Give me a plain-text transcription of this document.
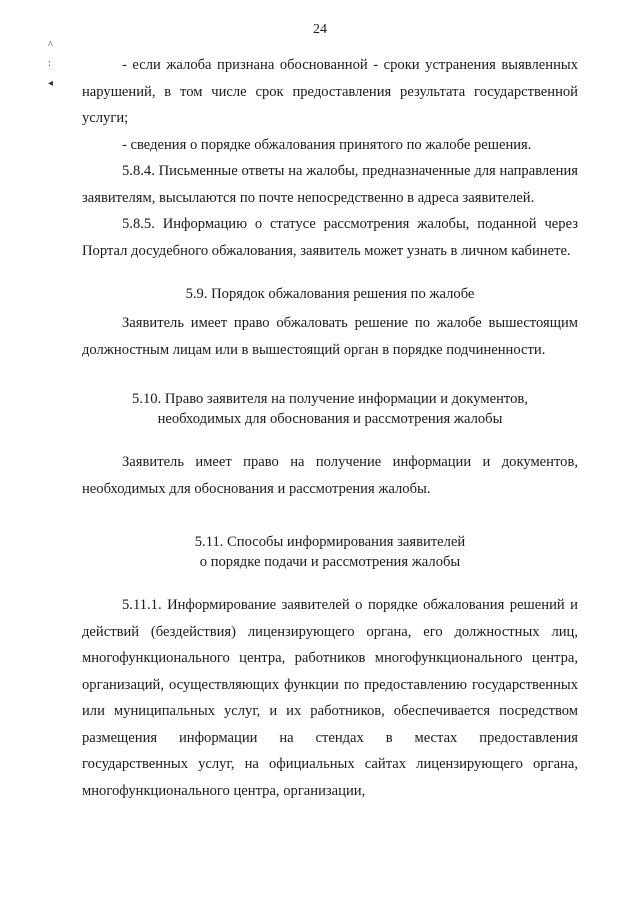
24
^
:
◂

- если жалоба признана обоснованной - сроки устранения выявленных нарушений, в том числе срок предоставления результата государственной услуги;

- сведения о порядке обжалования принятого по жалобе решения.

5.8.4. Письменные ответы на жалобы, предназначенные для направления заявителям, высылаются по почте непосредственно в адреса заявителей.

5.8.5. Информацию о статусе рассмотрения жалобы, поданной через Портал досудебного обжалования, заявитель может узнать в личном кабинете.

5.9. Порядок обжалования решения по жалобе

Заявитель имеет право обжаловать решение по жалобе вышестоящим должностным лицам или в вышестоящий орган в порядке подчиненности.

5.10. Право заявителя на получение информации и документов,
необходимых для обоснования и рассмотрения жалобы

Заявитель имеет право на получение информации и документов, необходимых для обоснования и рассмотрения жалобы.

5.11. Способы информирования заявителей
о порядке подачи и рассмотрения жалобы

5.11.1. Информирование заявителей о порядке обжалования решений и действий (бездействия) лицензирующего органа, его должностных лиц, многофункционального центра, работников многофункционального центра, организаций, осуществляющих функции по предоставлению государственных или муниципальных услуг, и их работников, обеспечивается посредством размещения информации на стендах в местах предоставления государственных услуг, на официальных сайтах лицензирующего органа, многофункционального центра, организации,
